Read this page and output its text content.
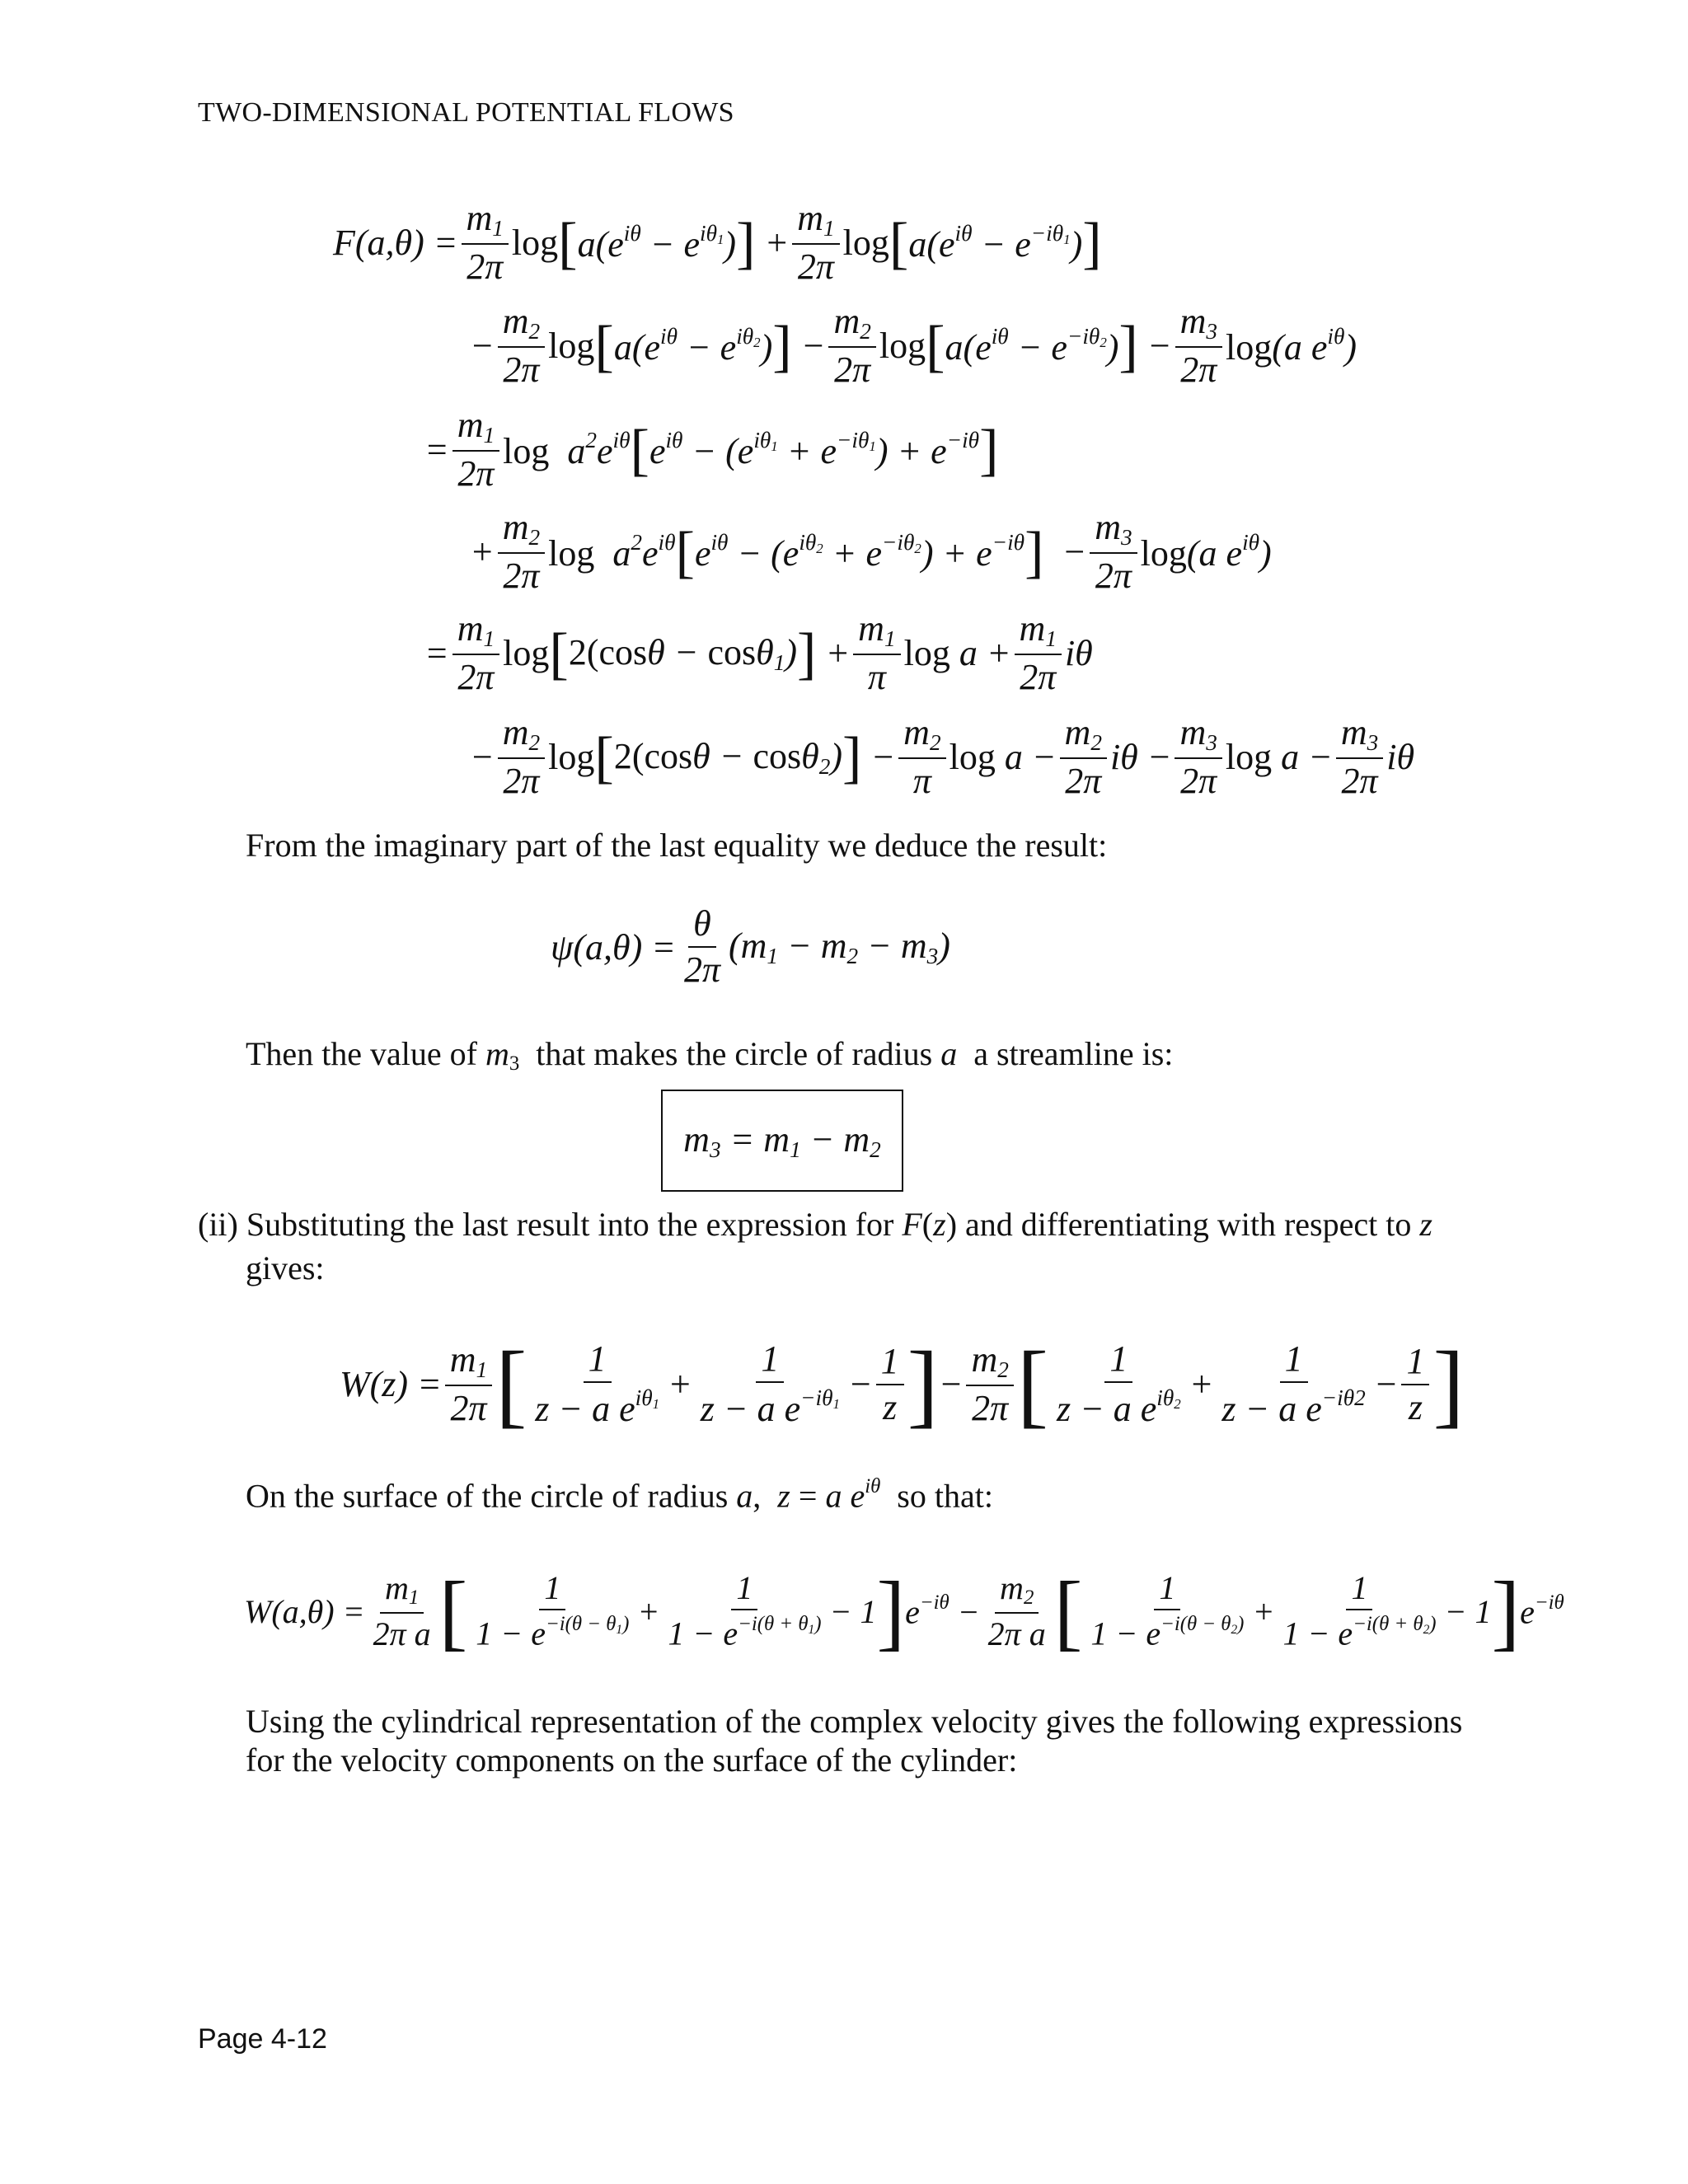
TWO-DIMENSIONAL POTENTIAL FLOWS
$F(a,\theta) = \frac{m_1}{2\pi}$ log [ $a(e^{i\theta} - e^{i\theta_1})$ ] + $\frac{m_1}{2\pi}$ log [ $a(e^{i\theta} - e^{-i\theta_1})$ ]
− $\frac{m_2}{2\pi}$ log [ $a(e^{i\theta} - e^{i\theta_2})$ ] − $\frac{m_2}{2\pi}$ log [ $a(e^{i\theta} - e^{-i\theta_2})$ ] − $\frac{m_3}{2\pi} \log(a$ $e^{i\theta}$)
= $\frac{m_1}{2\pi}$ $\log a^2e^{i\theta}$ [ $e^{i\theta} - (e^{i\theta_1} + e^{-i\theta_1}) + e^{-i\theta}$ ]
+ $\frac{m_2}{2\pi}$ $\log a^2e^{i\theta}$ [ $e^{i\theta} - (e^{i\theta_2} + e^{-i\theta_2}) + e^{-i\theta}$ ] − $\frac{m_3}{2\pi} \log(a$ $e^{i\theta}$)
= $\frac{m_1}{2\pi}$ log [ 2(cosθ − cosθ$_1$) ] + $\frac{m_1}{\pi}$ $\log a + \frac{m_1}{2\pi}$ iθ
− $\frac{m_2}{2\pi}$ log [ 2(cosθ − cosθ$_2$) ] − $\frac{m_2}{\pi}$ $\log a - \frac{m_2}{2\pi}$ $i\theta - \frac{m_3}{2\pi}$ $\log a - \frac{m_3}{2\pi}$ iθ
From the imaginary part of the last equality we deduce the result:
$\psi(a,\theta) = \frac{\theta}{2\pi} (m_1 - m_2 - m_3)$
Then the value of $m_3$ that makes the circle of radius a a streamline is:
$m_3 = m_1 - m_2$
(ii) Substituting the last result into the expression for F(z) and differentiating with respect to z
gives:
$W(z) = \frac{m_1}{2\pi}$ [ $\frac{1}{z - a e^{i\theta_1}} + \frac{1}{z - a e^{-i\theta_1}} - \frac{1}{z}$ ] − $\frac{m_2}{2\pi}$ [ $\frac{1}{z - a e^{i\theta_2}} + \frac{1}{z - a e^{-i\theta 2}} - \frac{1}{z}$ ]
On the surface of the circle of radius a,  z = a $e^{i\theta}$ so that:
$W(a,\theta) = \frac{m_1}{\text{2π a}}$ [ $\frac{1}{1 - e^{-i(\theta - \theta_1)}} + \frac{1}{1 - e^{-i(\theta + \theta_1)}} - 1$ ] $e^{-i\theta} - \frac{m_2}{\text{2π a}}$ [ $\frac{1}{1 - e^{-i(\theta - \theta_2)}} + \frac{1}{1 - e^{-i(\theta + \theta_2)}} - 1$ ] $e^{-i\theta}$
Using the cylindrical representation of the complex velocity gives the following expressions
for the velocity components on the surface of the cylinder:
Page 4-12
